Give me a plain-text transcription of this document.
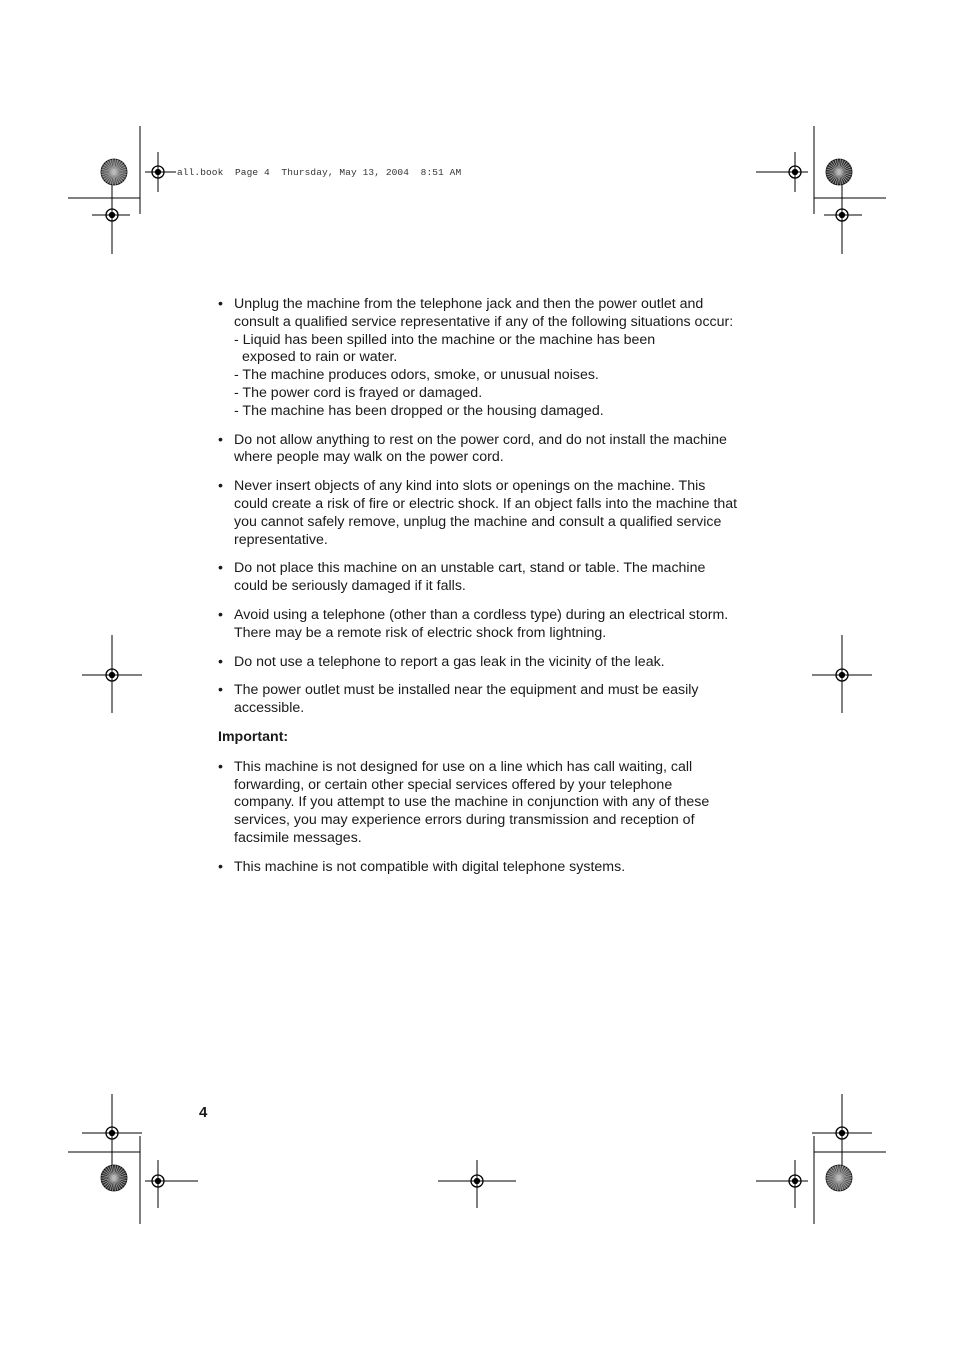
all.book  Page 4  Thursday, May 13, 2004  8:51 AM
• Unplug the machine from the telephone jack and then the power outlet and
consult a qualified service representative if any of the following situations occur:
- Liquid has been spilled into the machine or the machine has been
exposed to rain or water.
- The machine produces odors, smoke, or unusual noises.
- The power cord is frayed or damaged.
- The machine has been dropped or the housing damaged.
• Do not allow anything to rest on the power cord, and do not install the machine
where people may walk on the power cord.
• Never insert objects of any kind into slots or openings on the machine. This
could create a risk of fire or electric shock. If an object falls into the machine that
you cannot safely remove, unplug the machine and consult a qualified service
representative.
• Do not place this machine on an unstable cart, stand or table. The machine
could be seriously damaged if it falls.
• Avoid using a telephone (other than a cordless type) during an electrical storm.
There may be a remote risk of electric shock from lightning.
• Do not use a telephone to report a gas leak in the vicinity of the leak.
• The power outlet must be installed near the equipment and must be easily
accessible.
Important:
• This machine is not designed for use on a line which has call waiting, call
forwarding, or certain other special services offered by your telephone
company. If you attempt to use the machine in conjunction with any of these
services, you may experience errors during transmission and reception of
facsimile messages.
• This machine is not compatible with digital telephone systems.
4
